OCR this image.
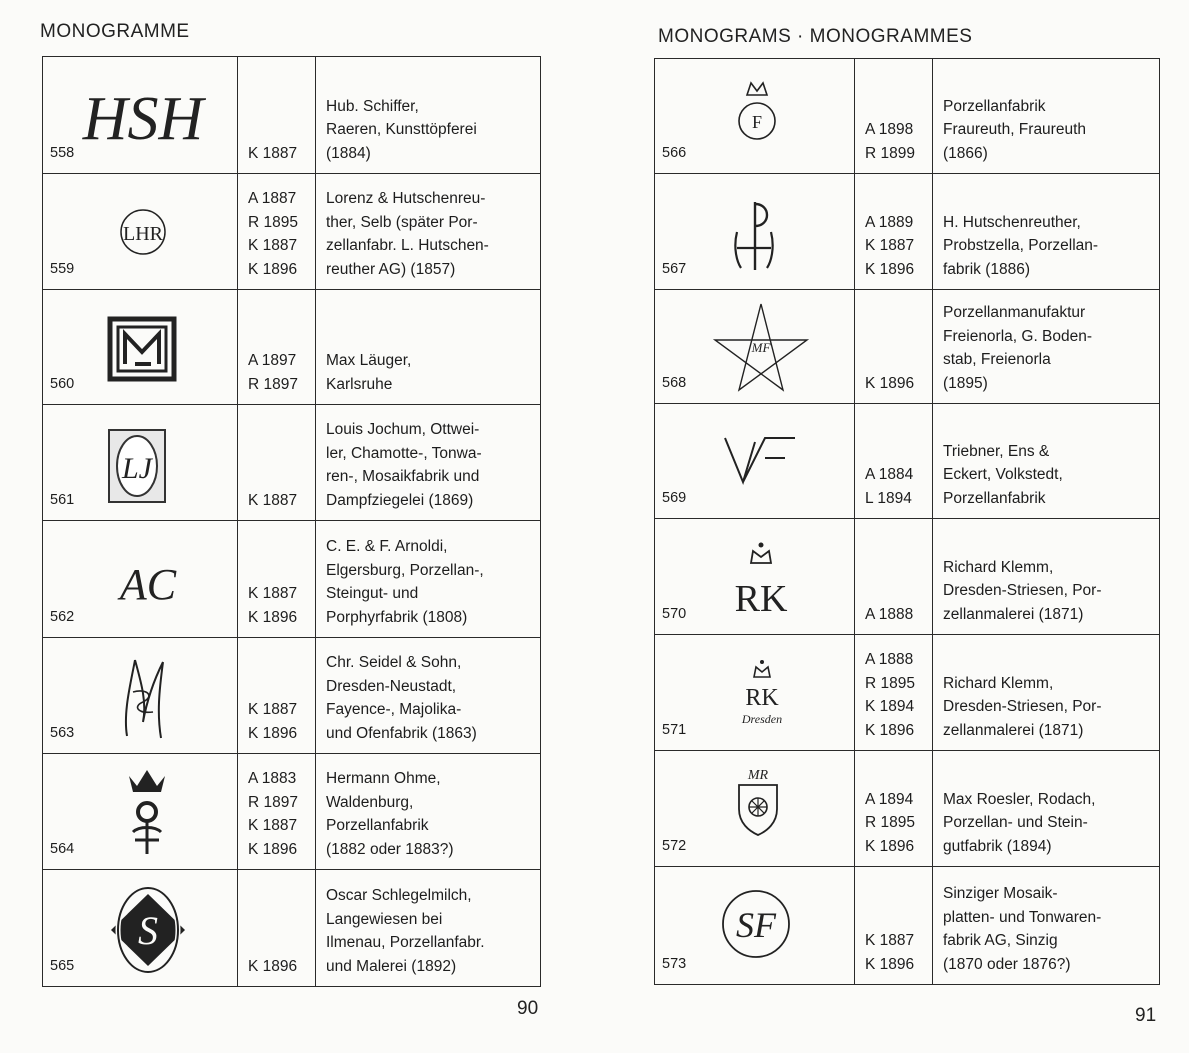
MONOGRAMME
558 HSH	K 1887	Hub. Schiffer,
Raeren, Kunsttöpferei
(1884)

559
LHR	A 1887
R 1895
K 1887
K 1896	Lorenz & Hutschenreu-
ther, Selb (später Por-
zellanfabr. L. Hutschen-
reuther AG) (1857)

560	A 1897
R 1897	Max Läuger,
Karlsruhe

561
LJ	K 1887	Louis Jochum, Ottwei-
ler, Chamotte-, Tonwa-
ren-, Mosaikfabrik und
Dampfziegelei (1869)

562
AC	K 1887
K 1896	C. E. & F. Arnoldi,
Elgersburg, Porzellan-,
Steingut- und
Porphyrfabrik (1808)

563	K 1887
K 1896	Chr. Seidel & Sohn,
Dresden-Neustadt,
Fayence-, Majolika-
und Ofenfabrik (1863)

564	A 1883
R 1897
K 1887
K 1896	Hermann Ohme,
Waldenburg,
Porzellanfabrik
(1882 oder 1883?)

565
S	K 1896	Oscar Schlegelmilch,
Langewiesen bei
Ilmenau, Porzellanfabr.
und Malerei (1892)
90
MONOGRAMS · MONOGRAMMES
566
F	A 1898
R 1899	Porzellanfabrik
Fraureuth, Fraureuth
(1866)

567	A 1889
K 1887
K 1896	H. Hutschenreuther,
Probstzella, Porzellan-
fabrik (1886)

568
MF	K 1896	Porzellanmanufaktur
Freienorla, G. Boden-
stab, Freienorla
(1895)

569	A 1884
L 1894	Triebner, Ens &
Eckert, Volkstedt,
Porzellanfabrik

570 RK	A 1888	Richard Klemm,
Dresden-Striesen, Por-
zellanmalerei (1871)

571
RK
Dresden	A 1888
R 1895
K 1894
K 1896	Richard Klemm,
Dresden-Striesen, Por-
zellanmalerei (1871)

572
MR	A 1894
R 1895
K 1896	Max Roesler, Rodach,
Porzellan- und Stein-
gutfabrik (1894)

573
SF	K 1887
K 1896	Sinziger Mosaik-
platten- und Tonwaren-
fabrik AG, Sinzig
(1870 oder 1876?)
91
